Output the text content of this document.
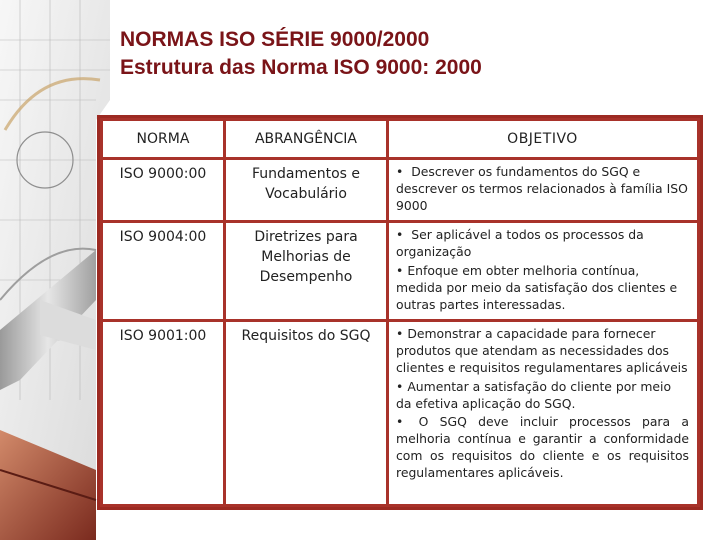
NORMAS ISO SÉRIE 9000/2000
Estrutura das Norma ISO 9000: 2000
NORMA	ABRANGÊNCIA	OBJETIVO
ISO 9000:00	Fundamentos e Vocabulário	• Descrever os fundamentos do SGQ e descrever os termos relacionados à família ISO 9000

ISO 9004:00	Diretrizes para Melhorias de Desempenho	• Ser aplicável a todos os processos da organização

• Enfoque em obter melhoria contínua, medida por meio da satisfação dos clientes e outras partes interessadas.

ISO 9001:00	Requisitos do SGQ	• Demonstrar a capacidade para fornecer produtos que atendam as necessidades dos clientes e requisitos regulamentares aplicáveis

• Aumentar a satisfação do cliente por meio da efetiva aplicação do SGQ.

• O SGQ deve incluir processos para a melhoria contínua e garantir a conformidade com os requisitos do cliente e os requisitos regulamentares aplicáveis.
